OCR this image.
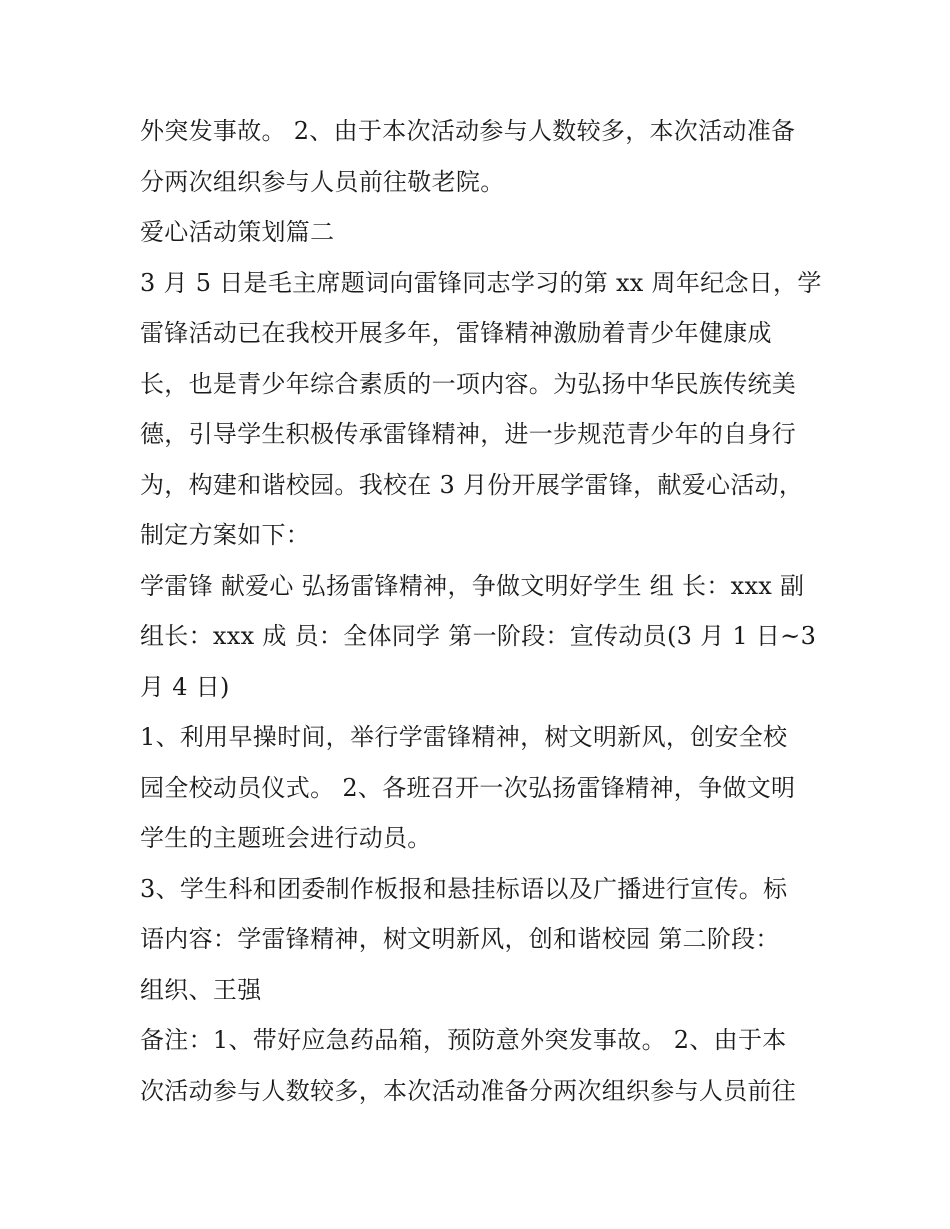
外突发事故。 2、由于本次活动参与人数较多，本次活动准备
分两次组织参与人员前往敬老院。
爱心活动策划篇二
3 月 5 日是毛主席题词向雷锋同志学习的第 xx 周年纪念日，学
雷锋活动已在我校开展多年，雷锋精神激励着青少年健康成
长，也是青少年综合素质的一项内容。为弘扬中华民族传统美
德，引导学生积极传承雷锋精神，进一步规范青少年的自身行
为，构建和谐校园。我校在 3 月份开展学雷锋，献爱心活动，
制定方案如下：
学雷锋 献爱心 弘扬雷锋精神，争做文明好学生 组 长：xxx 副
组长：xxx 成 员：全体同学 第一阶段：宣传动员(3 月 1 日~3
月 4 日)
1、利用早操时间，举行学雷锋精神，树文明新风，创安全校
园全校动员仪式。 2、各班召开一次弘扬雷锋精神，争做文明
学生的主题班会进行动员。
3、学生科和团委制作板报和悬挂标语以及广播进行宣传。标
语内容：学雷锋精神，树文明新风，创和谐校园 第二阶段：
组织、王强
备注：1、带好应急药品箱，预防意外突发事故。 2、由于本
次活动参与人数较多，本次活动准备分两次组织参与人员前往
